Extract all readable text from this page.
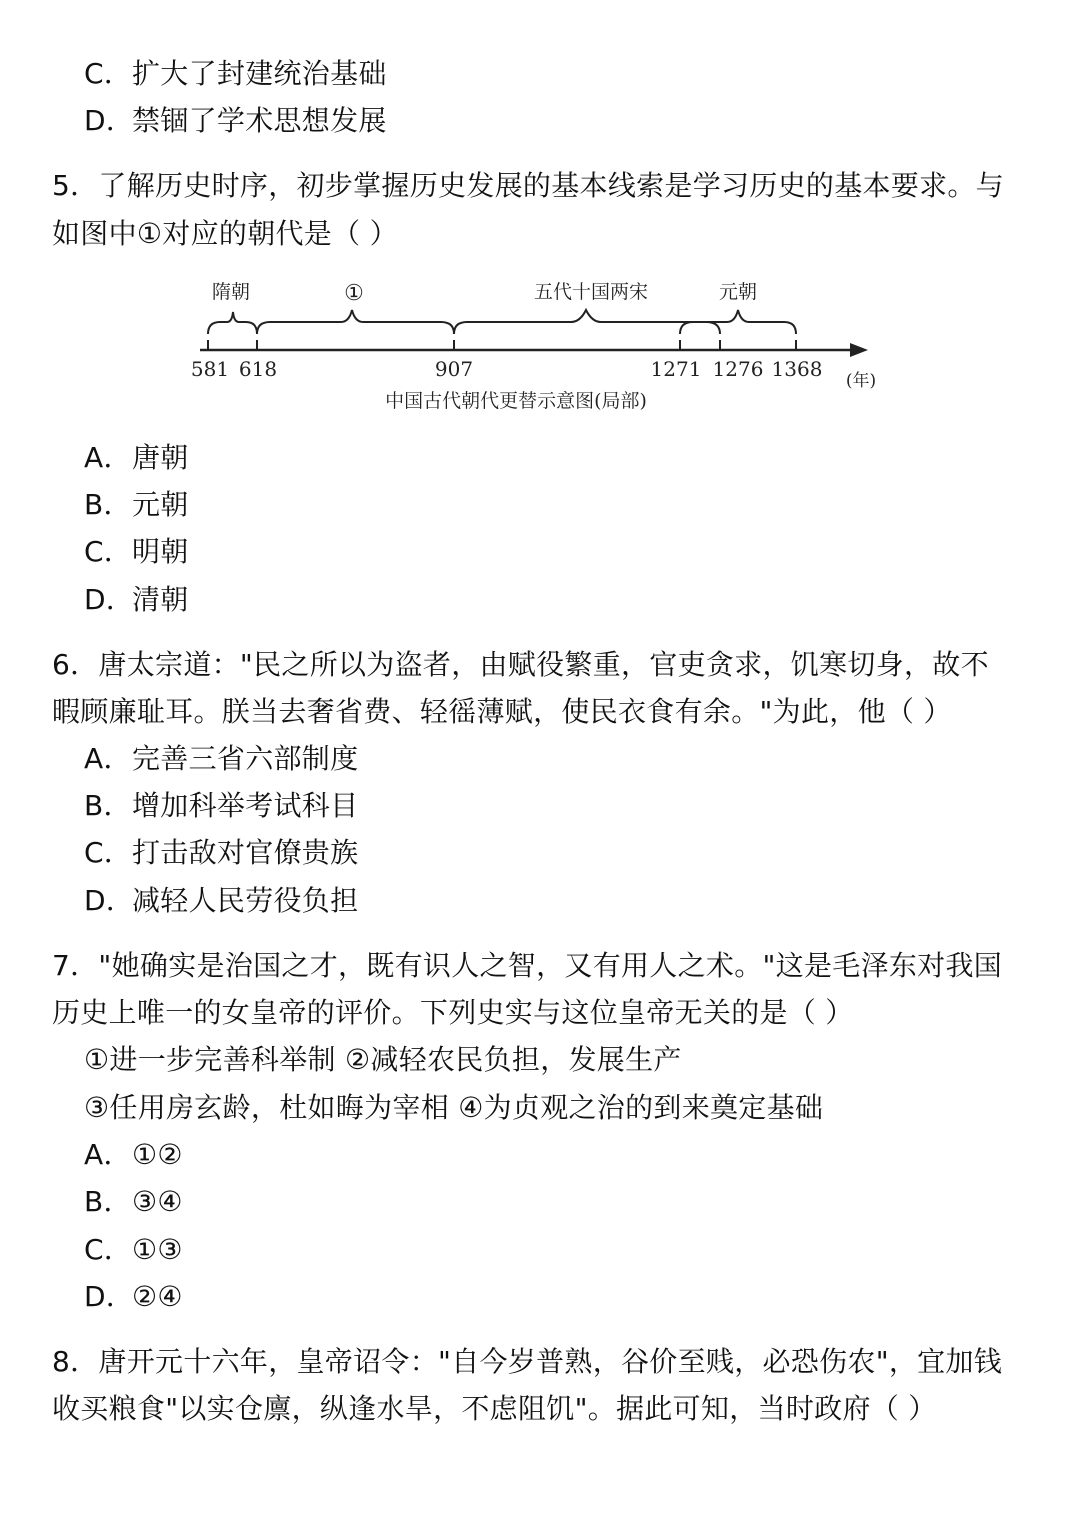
C．扩大了封建统治基础
D．禁锢了学术思想发展
5．了解历史时序，初步掌握历史发展的基本线索是学习历史的基本要求。与
如图中①对应的朝代是（ ）
隋朝	①	五代十国两宋	元朝
581 618	907	1271 1276 1368 (年)
中国古代朝代更替示意图(局部)
A．唐朝
B．元朝
C．明朝
D．清朝
6．唐太宗道："民之所以为盗者，由赋役繁重，官吏贪求，饥寒切身，故不
暇顾廉耻耳。朕当去奢省费、轻徭薄赋，使民衣食有余。"为此，他（ ）
A．完善三省六部制度
B．增加科举考试科目
C．打击敌对官僚贵族
D．减轻人民劳役负担
7．"她确实是治国之才，既有识人之智，又有用人之术。"这是毛泽东对我国
历史上唯一的女皇帝的评价。下列史实与这位皇帝无关的是（ ）
①进一步完善科举制 ②减轻农民负担，发展生产
③任用房玄龄，杜如晦为宰相 ④为贞观之治的到来奠定基础
A．①②
B．③④
C．①③
D．②④
8．唐开元十六年，皇帝诏令："自今岁普熟，谷价至贱，必恐伤农"，宜加钱
收买粮食"以实仓廪，纵逢水旱，不虑阻饥"。据此可知，当时政府（ ）
